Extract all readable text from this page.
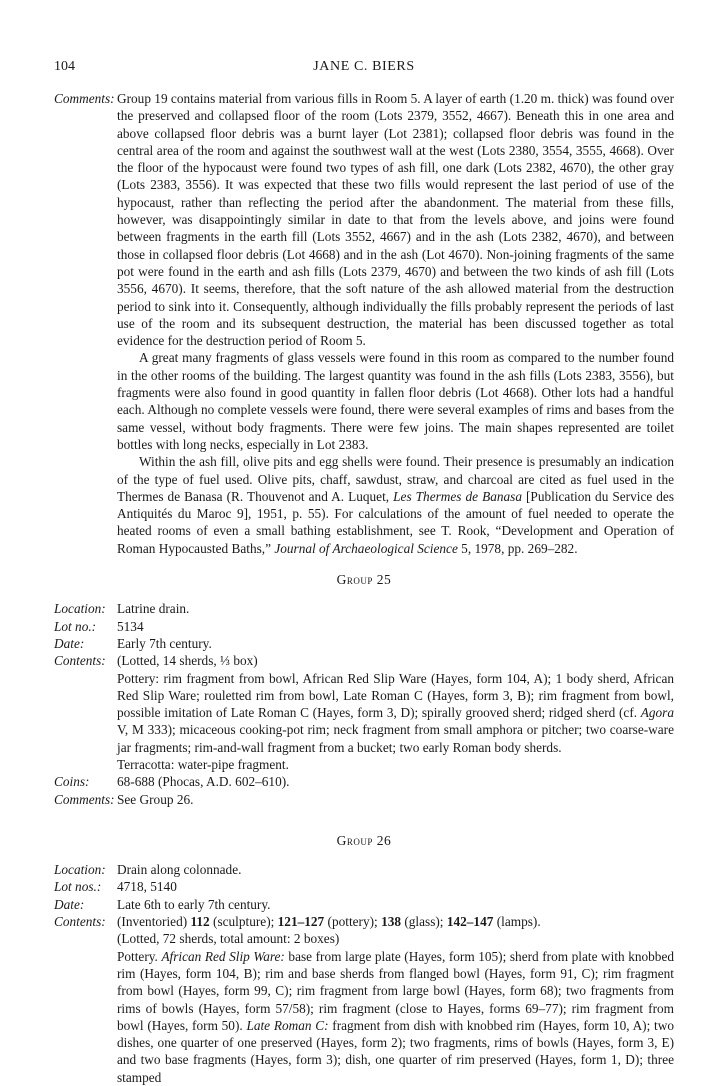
104	JANE C. BIERS
Comments: Group 19 contains material from various fills in Room 5. A layer of earth (1.20 m. thick) was found over the preserved and collapsed floor of the room (Lots 2379, 3552, 4667). Beneath this in one area and above collapsed floor debris was a burnt layer (Lot 2381); collapsed floor debris was found in the central area of the room and against the southwest wall at the west (Lots 2380, 3554, 3555, 4668). Over the floor of the hypocaust were found two types of ash fill, one dark (Lots 2382, 4670), the other gray (Lots 2383, 3556). It was expected that these two fills would represent the last period of use of the hypocaust, rather than reflecting the period after the abandonment. The material from these fills, however, was disappointingly similar in date to that from the levels above, and joins were found between fragments in the earth fill (Lots 3552, 4667) and in the ash (Lots 2382, 4670), and between those in collapsed floor debris (Lot 4668) and in the ash (Lot 4670). Non-joining fragments of the same pot were found in the earth and ash fills (Lots 2379, 4670) and between the two kinds of ash fill (Lots 3556, 4670). It seems, therefore, that the soft nature of the ash allowed material from the destruction period to sink into it. Consequently, although individually the fills probably represent the periods of last use of the room and its subsequent destruction, the material has been discussed together as total evidence for the destruction period of Room 5.

A great many fragments of glass vessels were found in this room as compared to the number found in the other rooms of the building. The largest quantity was found in the ash fills (Lots 2383, 3556), but fragments were also found in good quantity in fallen floor debris (Lot 4668). Other lots had a handful each. Although no complete vessels were found, there were several examples of rims and bases from the same vessel, without body fragments. There were few joins. The main shapes represented are toilet bottles with long necks, especially in Lot 2383.

Within the ash fill, olive pits and egg shells were found. Their presence is presumably an indication of the type of fuel used. Olive pits, chaff, sawdust, straw, and charcoal are cited as fuel used in the Thermes de Banasa (R. Thouvenot and A. Luquet, Les Thermes de Banasa [Publication du Service des Antiquités du Maroc 9], 1951, p. 55). For calculations of the amount of fuel needed to operate the heated rooms of even a small bathing establishment, see T. Rook, “Development and Operation of Roman Hypocausted Baths,” Journal of Archaeological Science 5, 1978, pp. 269–282.

Group 25
Location: Latrine drain.
Lot no.:	5134
Date:	Early 7th century.
Contents: (Lotted, 14 sherds, ⅓ box)

Pottery: rim fragment from bowl, African Red Slip Ware (Hayes, form 104, A); 1 body sherd, African Red Slip Ware; rouletted rim from bowl, Late Roman C (Hayes, form 3, B); rim fragment from bowl, possible imitation of Late Roman C (Hayes, form 3, D); spirally grooved sherd; ridged sherd (cf. Agora V, M 333); micaceous cooking-pot rim; neck fragment from small amphora or pitcher; two coarse-ware jar fragments; rim-and-wall fragment from a bucket; two early Roman body sherds.

Terracotta: water-pipe fragment.

Coins:	68-688 (Phocas, A.D. 602–610).
Comments: See Group 26.
Group 26
Location: Drain along colonnade.
Lot nos.:	4718, 5140
Date:	Late 6th to early 7th century.
Contents: (Inventoried) 112 (sculpture); 121–127 (pottery); 138 (glass); 142–147 (lamps).

(Lotted, 72 sherds, total amount: 2 boxes)

Pottery. African Red Slip Ware: base from large plate (Hayes, form 105); sherd from plate with knobbed rim (Hayes, form 104, B); rim and base sherds from flanged bowl (Hayes, form 91, C); rim fragment from bowl (Hayes, form 99, C); rim fragment from large bowl (Hayes, form 68); two fragments from rims of bowls (Hayes, form 57/58); rim fragment (close to Hayes, forms 69–77); rim fragment from bowl (Hayes, form 50). Late Roman C: fragment from dish with knobbed rim (Hayes, form 10, A); two dishes, one quarter of one preserved (Hayes, form 2); two fragments, rims of bowls (Hayes, form 3, E) and two base fragments (Hayes, form 3); dish, one quarter of rim preserved (Hayes, form 1, D); three stamped
